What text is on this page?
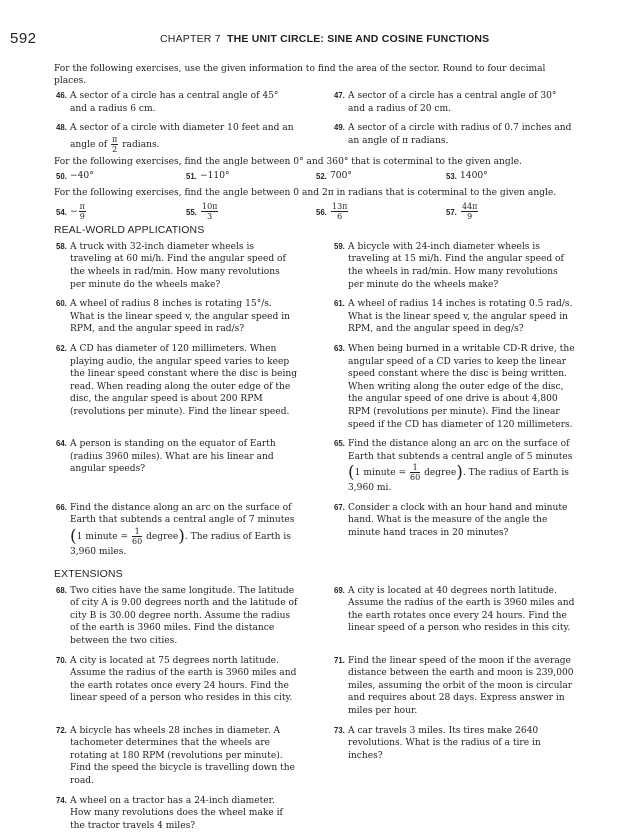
592	CHAPTER 7 THE UNIT CIRCLE: SINE AND COSINE FUNCTIONS
For the following exercises, use the given information to find the area of the sector. Round to four decimal places.
46. A sector of a circle has a central angle of 45° and a radius 6 cm.
47. A sector of a circle has a central angle of 30° and a radius of 20 cm.
48. A sector of a circle with diameter 10 feet and an
angle of $\frac{\pi}{2}$ radians.
49. A sector of a circle with radius of 0.7 inches and an angle of π radians.
For the following exercises, find the angle between 0° and 360° that is coterminal to the given angle.
50. −40°	51. −110°	52. 700°	53. 1400°
For the following exercises, find the angle between 0 and 2π in radians that is coterminal to the given angle.
54. − $\frac{\pi}{9}$	55. $\frac{10\pi}{3}$	56. $\frac{13\pi}{6}$	57. $\frac{44\pi}{9}$
REAL-WORLD APPLICATIONS
58. A truck with 32-inch diameter wheels is traveling at 60 mi/h. Find the angular speed of the wheels in rad/min. How many revolutions per minute do the wheels make?
59. A bicycle with 24-inch diameter wheels is traveling at 15 mi/h. Find the angular speed of the wheels in rad/min. How many revolutions per minute do the wheels make?
60. A wheel of radius 8 inches is rotating 15°/s. What is the linear speed v, the angular speed in RPM, and the angular speed in rad/s?
61. A wheel of radius 14 inches is rotating 0.5 rad/s. What is the linear speed v, the angular speed in RPM, and the angular speed in deg/s?
62. A CD has diameter of 120 millimeters. When playing audio, the angular speed varies to keep the linear speed constant where the disc is being read. When reading along the outer edge of the disc, the angular speed is about 200 RPM (revolutions per minute). Find the linear speed.
63. When being burned in a writable CD-R drive, the angular speed of a CD varies to keep the linear speed constant where the disc is being written. When writing along the outer edge of the disc, the angular speed of one drive is about 4,800 RPM (revolutions per minute). Find the linear speed if the CD has diameter of 120 millimeters.
64. A person is standing on the equator of Earth (radius 3960 miles). What are his linear and angular speeds?
65. Find the distance along an arc on the surface of Earth that subtends a central angle of 5 minutes
(1 minute = $\frac{1}{60}$ degree). The radius of Earth is 3,960 mi.
66. Find the distance along an arc on the surface of Earth that subtends a central angle of 7 minutes
(1 minute = $\frac{1}{60}$ degree). The radius of Earth is
3,960 miles.
67. Consider a clock with an hour hand and minute hand. What is the measure of the angle the minute hand traces in 20 minutes?
EXTENSIONS
68. Two cities have the same longitude. The latitude of city A is 9.00 degrees north and the latitude of city B is 30.00 degree north. Assume the radius of the earth is 3960 miles. Find the distance between the two cities.
69. A city is located at 40 degrees north latitude. Assume the radius of the earth is 3960 miles and the earth rotates once every 24 hours. Find the linear speed of a person who resides in this city.
70. A city is located at 75 degrees north latitude. Assume the radius of the earth is 3960 miles and the earth rotates once every 24 hours. Find the linear speed of a person who resides in this city.
71. Find the linear speed of the moon if the average distance between the earth and moon is 239,000 miles, assuming the orbit of the moon is circular and requires about 28 days. Express answer in miles per hour.
72. A bicycle has wheels 28 inches in diameter. A tachometer determines that the wheels are rotating at 180 RPM (revolutions per minute). Find the speed the bicycle is travelling down the road.
73. A car travels 3 miles. Its tires make 2640 revolutions. What is the radius of a tire in inches?
74. A wheel on a tractor has a 24-inch diameter. How many revolutions does the wheel make if the tractor travels 4 miles?
